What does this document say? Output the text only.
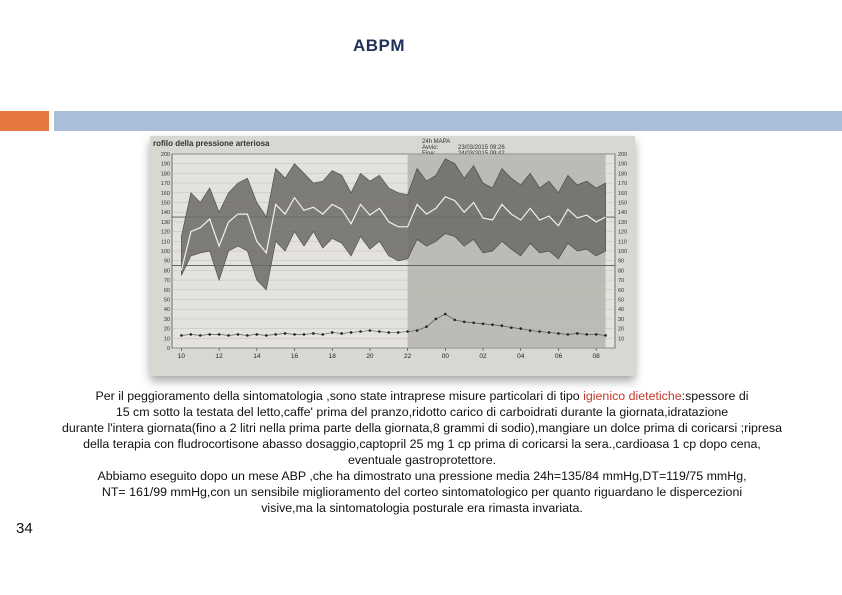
ABPM
rofilo della pressione arteriosa	24h MAPA
Avvio:	23/03/2015 09:26
200
190
180
170
160
150
140
130
120
110
100
90
80
70
60
50
40
30
20
10
0
200
190
180
170
160
150
140
130
120
110
100
90
80
70
60
50
40
30
20
10
10	12	14	16	18	20	22	00	02	04	06	08
Per il peggioramento della sintomatologia ,sono state intraprese misure particolari di tipo igienico dietetiche:spessore di
15 cm sotto la testata del letto,caffe' prima del pranzo,ridotto carico di carboidrati durante la giornata,idratazione
durante l'intera giornata(fino a 2 litri nella prima parte della giornata,8 grammi di sodio),mangiare un dolce prima di coricarsi ;ripresa
della terapia con fludrocortisone abasso dosaggio,captopril 25 mg 1 cp prima di coricarsi la sera.,cardioasa 1 cp dopo cena,
eventuale gastroprotettore.
Abbiamo eseguito dopo un mese ABP ,che ha dimostrato una pressione media 24h=135/84 mmHg,DT=119/75 mmHg,
NT= 161/99 mmHg,con un sensibile miglioramento del corteo sintomatologico per quanto riguardano le dispercezioni
visive,ma la sintomatologia posturale era rimasta invariata.
34
